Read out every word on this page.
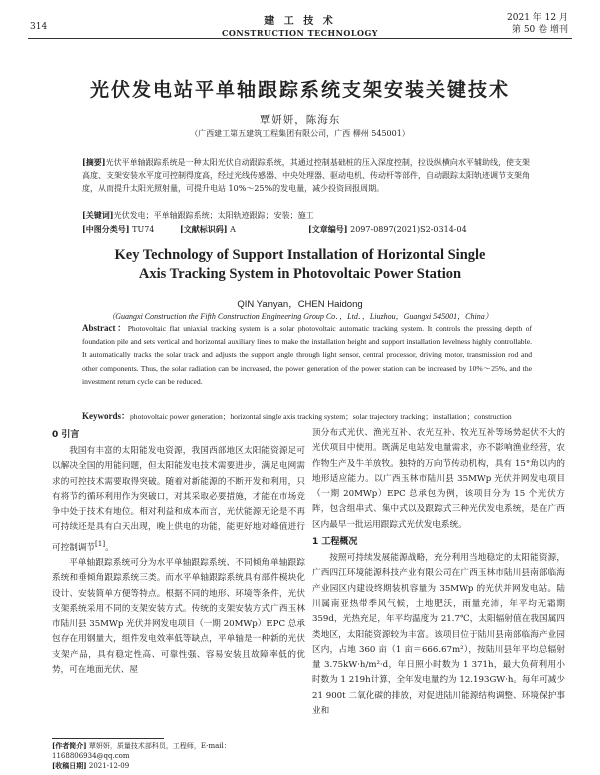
314	建 工 技 术
CONSTRUCTION TECHNOLOGY
2021 年 12 月
第 50 卷 增刊
光伏发电站平单轴跟踪系统支架安装关键技术
覃妍妍，陈海东
（广西建工第五建筑工程集团有限公司，广西 柳州 545001）
[摘要]光伏平单轴跟踪系统是一种太阳光伏自动跟踪系统，其通过控制基础桩的压入深度控制，拉设纵横向水平辅助线，使支架高度、支架安装水平度可控制得度高，经过光线传感器、中央处理器、驱动电机、传动杆等部件，自动跟踪太阳轨迹调节支架角度，从而提升太阳光照射量，可提升电站 10%～25%的发电量，减少投资回报周期。
[关键词]光伏发电；平单轴跟踪系统；太阳轨迹跟踪；安装；施工
[中图分类号] TU74	[文献标识码] A	[文章编号] 2097-0897(2021)S2-0314-04
Key Technology of Support Installation of Horizontal Single
Axis Tracking System in Photovoltaic Power Station
QIN Yanyan，CHEN Haidong
（Guangxi Construction the Fifth Construction Engineering Group Co．，Ltd．，Liuzhou，Guangxi 545001，China）
Abstract：Photovoltaic flat uniaxial tracking system is a solar photovoltaic automatic tracking system. It controls the pressing depth of foundation pile and sets vertical and horizontal auxiliary lines to make the installation height and support installation levelness highly controllable. It automatically tracks the solar track and adjusts the support angle through light sensor, central processor, driving motor, transmission rod and other components. Thus, the solar radiation can be increased, the power generation of the power station can be increased by 10%～25%, and the investment return cycle can be reduced.
Keywords：photovoltaic power generation；horizontal single axis tracking system；solar trajectory tracking；installation；construction
0 引言

我国有丰富的太阳能发电资源，我国西部地区太阳能资源足可以解决全国的用能问题，但太阳能发电技术需要进步，满足电网需求的可控技术需要取得突破。随着对新能源的不断开发和利用，只有将节约循环利用作为突破口，对其采取必要措施，才能在市场竞争中处于技术有地位。相对利益和成本而言，光伏能源无论是不再可持续还是具有白天出现，晚上供电的功能，能更好地对峰值进行可控制调节[1]。

平单轴跟踪系统可分为水平单轴跟踪系统、不同倾角单轴跟踪系统和垂倾角跟踪系统三类。而水平单轴跟踪系统具有部件模块化设计、安装简单方便等特点。根据不同的地形、环境等条件，光伏支架系统采用不同的支架安装方式。传统的支架安装方式广西玉林市陆川县 35MWp 光伏并网发电项目（一期 20MWp）EPC 总承包存在用钢量大，组件发电效率低等缺点，平单轴是一种新的光伏支架产品，具有稳定性高、可靠性强、容易安装且故障率低的优势，可在地面光伏、屋

顶分布式光伏、渔光互补、农光互补、牧光互补等场势起伏不大的光伏项目中使用。既满足电站发电量需求，亦不影响渔业经营，农作物生产及牛羊放牧。独特的万向节传动机构，具有 15°角以内的地形适应能力。以广西玉林市陆川县 35MWp 光伏并网发电项目（一期 20MWp）EPC 总承包为例，该项目分为 15 个光伏方阵，包含组串式、集中式以及跟踪式三种光伏发电系统，是在广西区内最早一批运用跟踪式光伏发电系统。

1 工程概况

按照可持续发展能源战略，充分利用当地稳定的太阳能资源，广西四江环境能源科技产业有限公司在广西玉林市陆川县南部临海产业园区内建设终期装机容量为 35MWp 的光伏并网发电站。陆川属南亚热带季风气候，土地肥沃，雨量充沛，年平均无霜期 359d，光热充足，年平均温度为 21.7℃，太阳辐射值在我国属四类地区，太阳能资源较为丰富。该项目位于陆川县南部临海产业园区内，占地 360 亩（1 亩＝666.67m²），按陆川县年平均总辐射量 3.75kW·h/m²·d，年日照小时数为 1 371h，最大负荷利用小时数为 1 219h计算，全年发电量约为 12.193GW·h。每年可减少 21 900t 二氧化碳的排放，对促进陆川能源结构调整、环境保护事业和

[作者简介] 覃妍妍，质量技术部科员，工程师，E-mail：1168806934@qq.com
[收稿日期] 2021-12-09
